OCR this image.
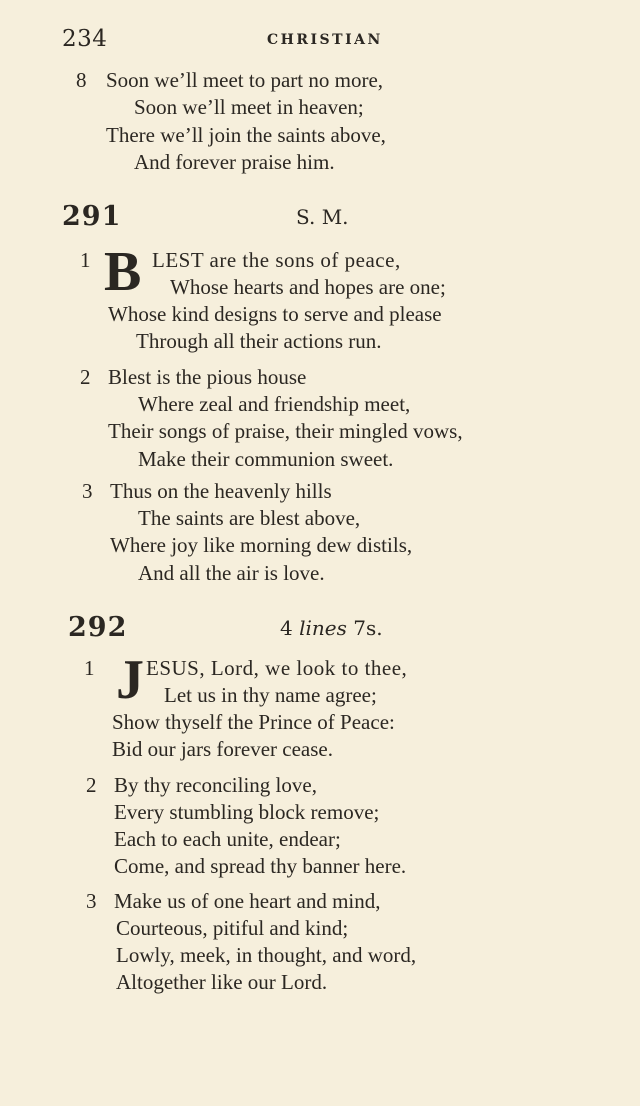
234	CHRISTIAN
8 Soon we’ll meet to part no more,
Soon we’ll meet in heaven;
There we’ll join the saints above,
And forever praise him.
291	S. M.
1 B LEST are the sons of peace,
Whose hearts and hopes are one;
Whose kind designs to serve and please
Through all their actions run.
2 Blest is the pious house
Where zeal and friendship meet,
Their songs of praise, their mingled vows,
Make their communion sweet.
3 Thus on the heavenly hills
The saints are blest above,
Where joy like morning dew distils,
And all the air is love.
292	4 lines 7s.
1 J ESUS, Lord, we look to thee,
Let us in thy name agree;
Show thyself the Prince of Peace:
Bid our jars forever cease.
2 By thy reconciling love,
Every stumbling block remove;
Each to each unite, endear;
Come, and spread thy banner here.
3 Make us of one heart and mind,
Courteous, pitiful and kind;
Lowly, meek, in thought, and word,
Altogether like our Lord.
